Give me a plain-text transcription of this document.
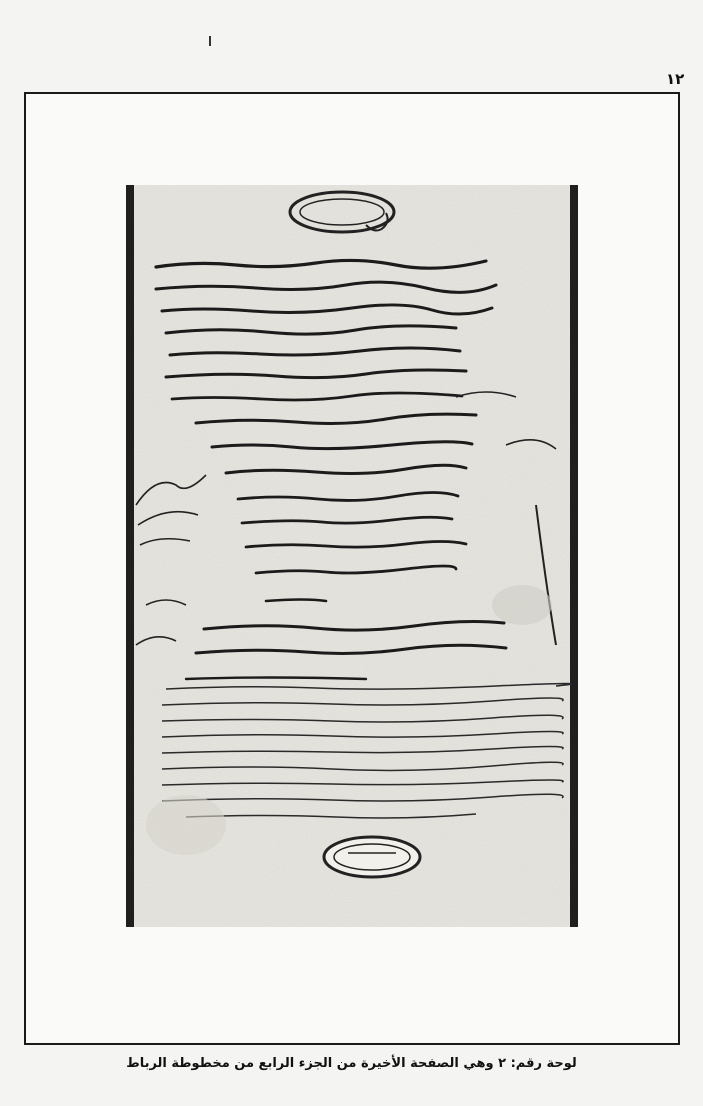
١٢
لوحة رقم: ٢ وهي الصفحة الأخيرة من الجزء الرابع من مخطوطة الرباط
